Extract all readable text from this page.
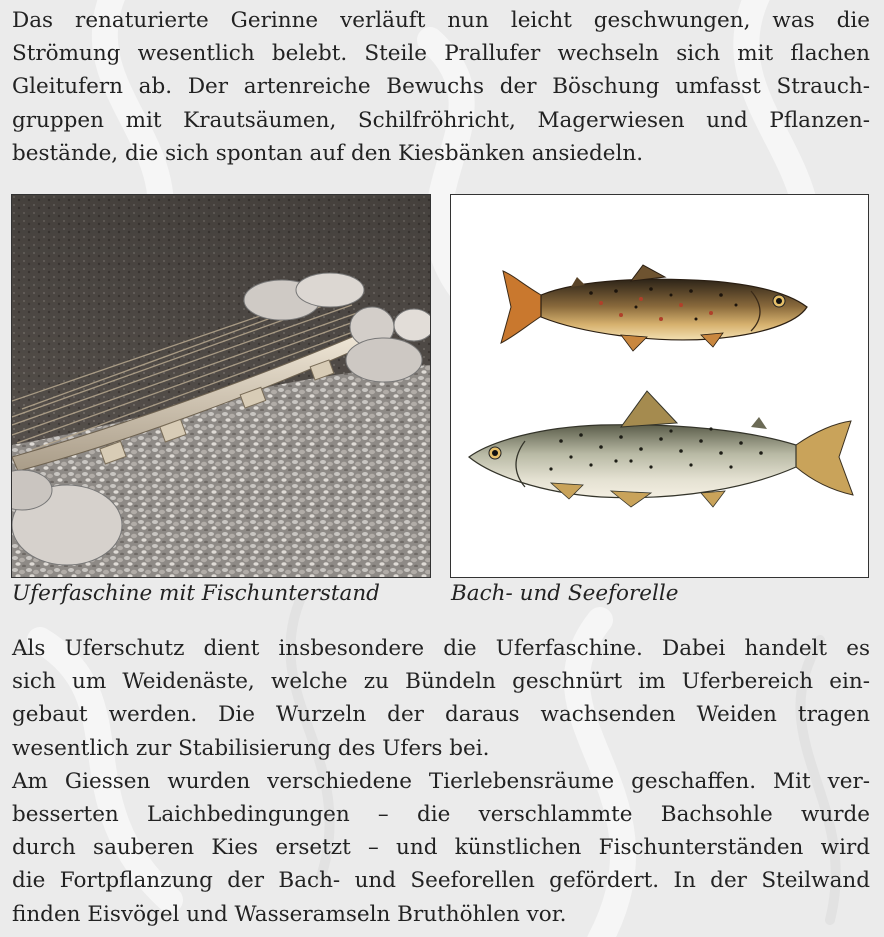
Das renaturierte Gerinne verläuft nun leicht geschwungen, was die
Strömung wesentlich belebt. Steile Prallufer wechseln sich mit flachen
Gleitufern ab. Der artenreiche Bewuchs der Böschung umfasst Strauch-
gruppen mit Krautsäumen, Schilfröhricht, Magerwiesen und Pflanzen-
bestände, die sich spontan auf den Kiesbänken ansiedeln.
Uferfaschine mit Fischunterstand	Bach- und Seeforelle
Als Uferschutz dient insbesondere die Uferfaschine. Dabei handelt es
sich um Weidenäste, welche zu Bündeln geschnürt im Uferbereich ein-
gebaut werden. Die Wurzeln der daraus wachsenden Weiden tragen
wesentlich zur Stabilisierung des Ufers bei.
Am Giessen wurden verschiedene Tierlebensräume geschaffen. Mit ver-
besserten Laichbedingungen – die verschlammte Bachsohle wurde
durch sauberen Kies ersetzt – und künstlichen Fischunterständen wird
die Fortpflanzung der Bach- und Seeforellen gefördert. In der Steilwand
finden Eisvögel und Wasseramseln Bruthöhlen vor.
